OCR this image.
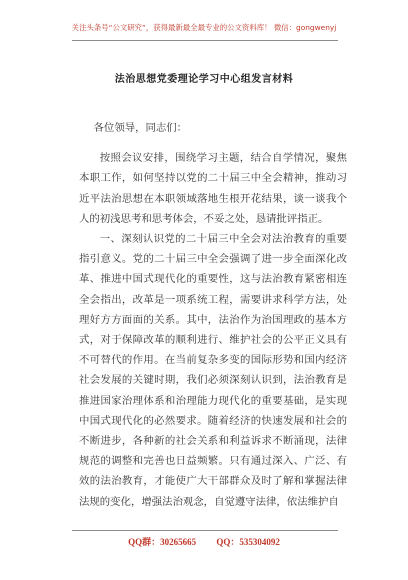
关注头条号“公文研究”，获得最新最全最专业的公文资料库！ 微信：gongwenyj
法治思想党委理论学习中心组发言材料

各位领导，同志们：

按照会议安排，围绕学习主题，结合自学情况，聚焦本职工作，如何坚持以党的二十届三中全会精神，推动习近平法治思想在本职领域落地生根开花结果，谈一谈我个人的初浅思考和思考体会，不妥之处，恳请批评指正。

一、深刻认识党的二十届三中全会对法治教育的重要指引意义。党的二十届三中全会强调了进一步全面深化改革、推进中国式现代化的重要性，这与法治教育紧密相连全会指出，改革是一项系统工程，需要讲求科学方法，处理好方方面面的关系。其中，法治作为治国理政的基本方式，对于保障改革的顺利进行、维护社会的公平正义具有不可替代的作用。在当前复杂多变的国际形势和国内经济社会发展的关键时期，我们必须深刻认识到，法治教育是推进国家治理体系和治理能力现代化的重要基础，是实现中国式现代化的必然要求。随着经济的快速发展和社会的不断进步，各种新的社会关系和利益诉求不断涌现，法律规范的调整和完善也日益频繁。只有通过深入、广泛、有效的法治教育，才能使广大干部群众及时了解和掌握法律法规的变化，增强法治观念，自觉遵守法律，依法维护自

QQ群：30265665 QQ：535304092
